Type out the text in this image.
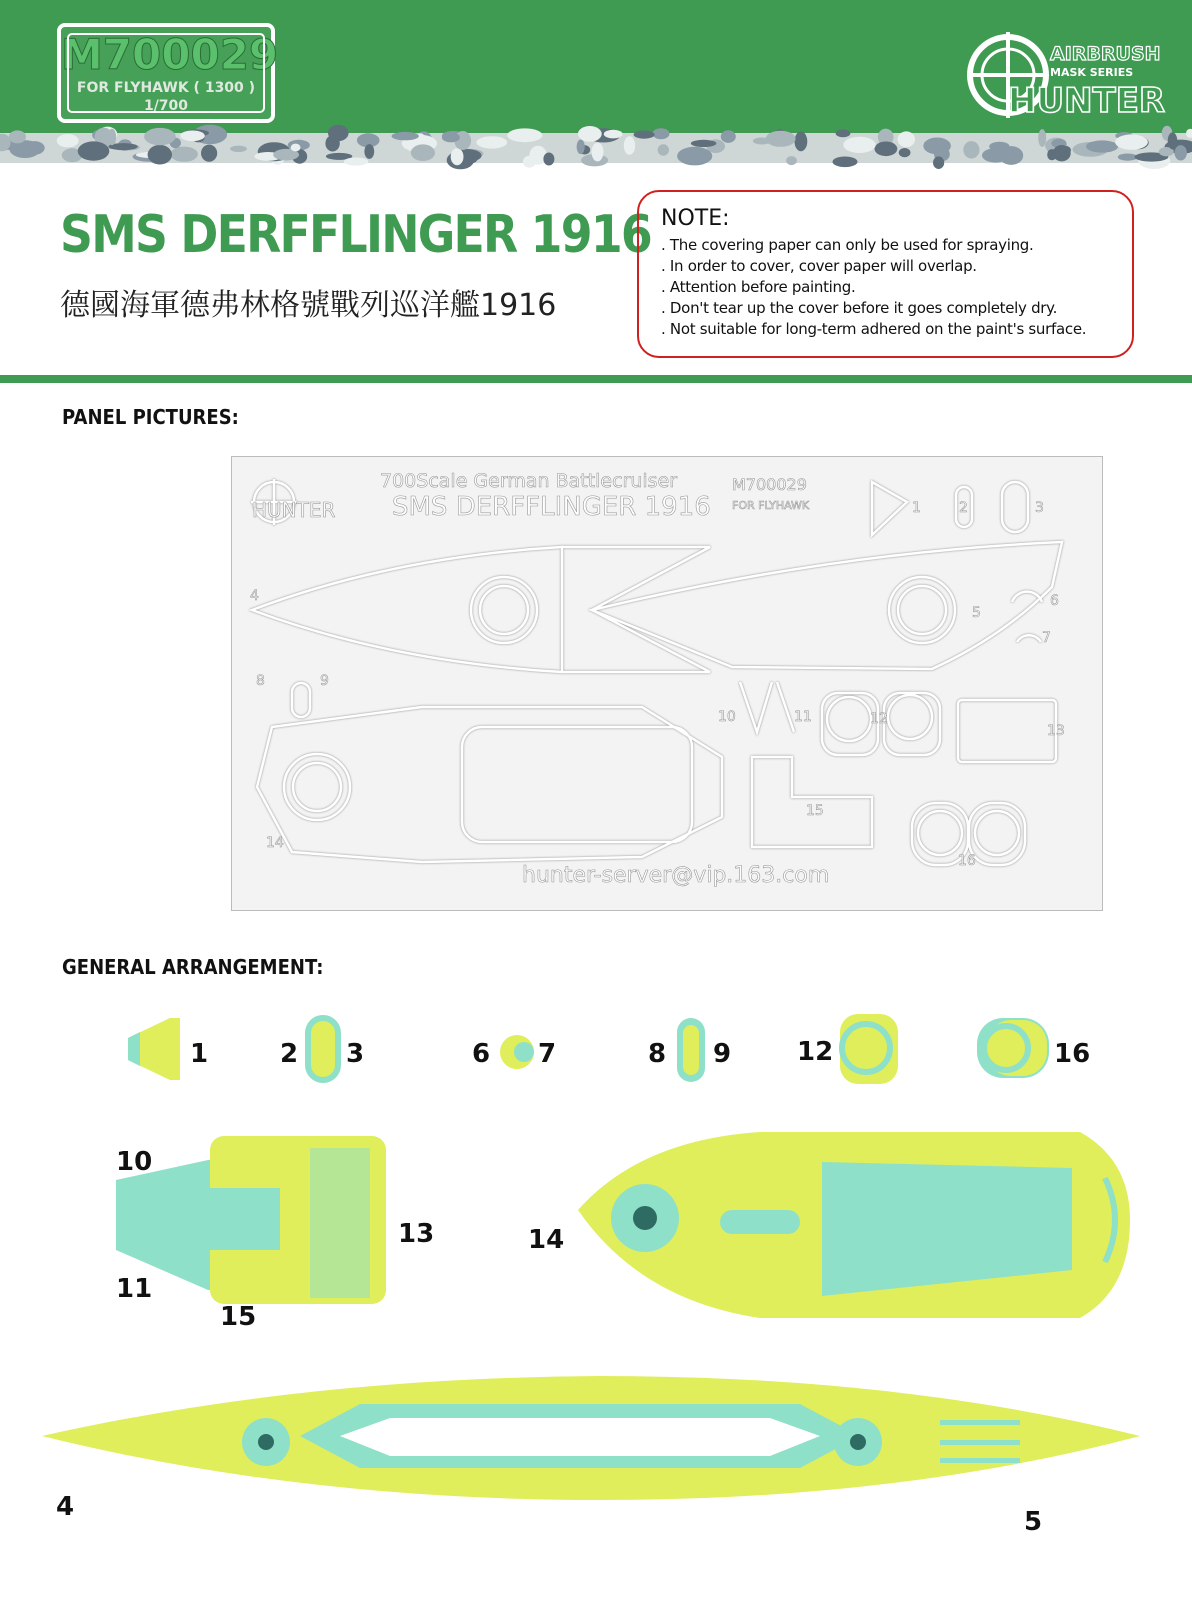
M700029
FOR FLYHAWK ( 1300 )
1/700
AIRBRUSH
MASK SERIES
HUNTER
SMS DERFFLINGER 1916
德國海軍德弗林格號戰列巡洋艦1916
NOTE:
. The covering paper can only be used for spraying.
. In order to cover, cover paper will overlap.
. Attention before painting.
. Don't tear up the cover before it goes completely dry.
. Not suitable for long-term adhered on the paint's surface.
PANEL PICTURES:
700Scale German Battlecruiser
SMS DERFFLINGER 1916
M700029
FOR FLYHAWK
HUNTER
hunter-server@vip.163.com
1	2	3
4
5
6
7
8	9
10	11	12
13
14
15
16
GENERAL ARRANGEMENT:
1	2 3	6 7	8 9	12	16
10
11
13
15
14
4	5
